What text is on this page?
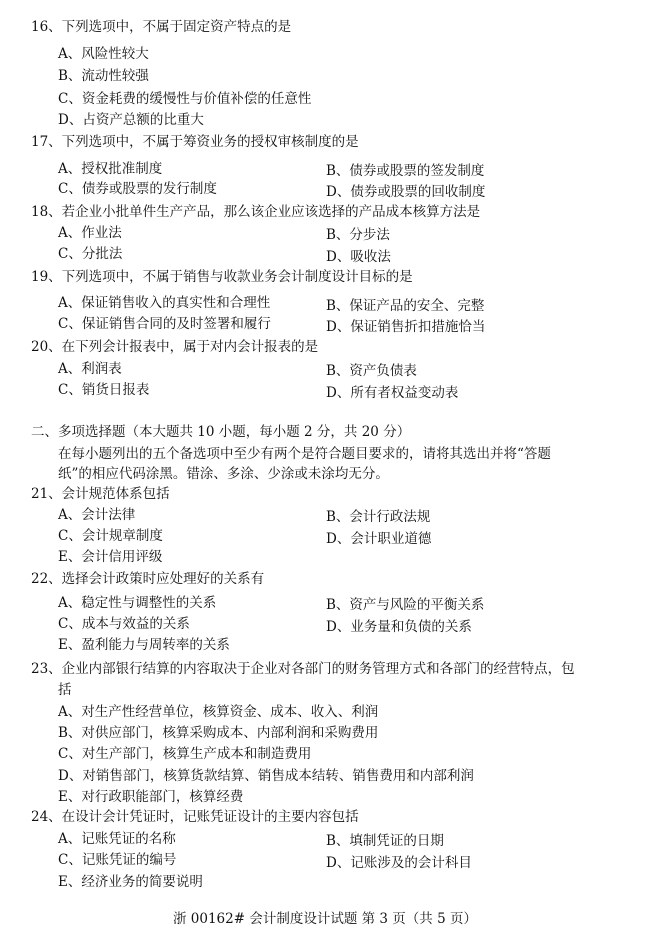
16、下列选项中，不属于固定资产特点的是
A、风险性较大
B、流动性较强
C、资金耗费的缓慢性与价值补偿的任意性
D、占资产总额的比重大
17、下列选项中，不属于筹资业务的授权审核制度的是
A、授权批准制度	B、债券或股票的签发制度
C、债券或股票的发行制度	D、债券或股票的回收制度
18、若企业小批单件生产产品，那么该企业应该选择的产品成本核算方法是
A、作业法	B、分步法
C、分批法	D、吸收法
19、下列选项中，不属于销售与收款业务会计制度设计目标的是
A、保证销售收入的真实性和合理性	B、保证产品的安全、完整
C、保证销售合同的及时签署和履行	D、保证销售折扣措施恰当
20、在下列会计报表中，属于对内会计报表的是
A、利润表	B、资产负债表
C、销货日报表	D、所有者权益变动表
二、多项选择题（本大题共 10 小题，每小题 2 分，共 20 分）
在每小题列出的五个备选项中至少有两个是符合题目要求的，请将其选出并将“答题
纸”的相应代码涂黑。错涂、多涂、少涂或未涂均无分。
21、会计规范体系包括
A、会计法律	B、会计行政法规
C、会计规章制度	D、会计职业道德
E、会计信用评级
22、选择会计政策时应处理好的关系有
A、稳定性与调整性的关系	B、资产与风险的平衡关系
C、成本与效益的关系	D、业务量和负债的关系
E、盈利能力与周转率的关系
23、企业内部银行结算的内容取决于企业对各部门的财务管理方式和各部门的经营特点，包
括
A、对生产性经营单位，核算资金、成本、收入、利润
B、对供应部门，核算采购成本、内部利润和采购费用
C、对生产部门，核算生产成本和制造费用
D、对销售部门，核算货款结算、销售成本结转、销售费用和内部利润
E、对行政职能部门，核算经费
24、在设计会计凭证时，记账凭证设计的主要内容包括
A、记账凭证的名称	B、填制凭证的日期
C、记账凭证的编号	D、记账涉及的会计科目
E、经济业务的简要说明
浙 00162# 会计制度设计试题 第 3 页（共 5 页）
